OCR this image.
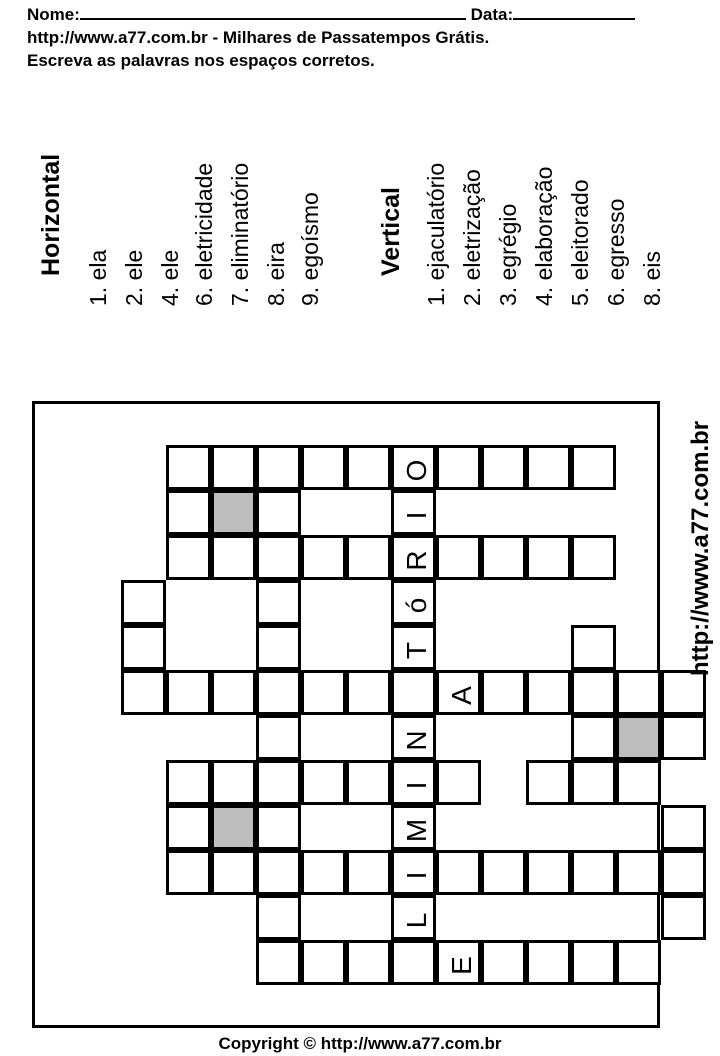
Nome:	Data:
http://www.a77.com.br - Milhares de Passatempos Grátis.
Escreva as palavras nos espaços corretos.
Horizontal
1. ela 2. ele 4. ele 6. eletricidade 7. eliminatório 8. eira 9. egoísmo Vertical 1. ejaculatório 2. eletrização 3. egrégio 4. elaboração 5. eleitorado 6. egresso 8. eis
O
I
R
ó
T
A
N
I
M
I
L
E
http://www.a77.com.br
Copyright © http://www.a77.com.br
